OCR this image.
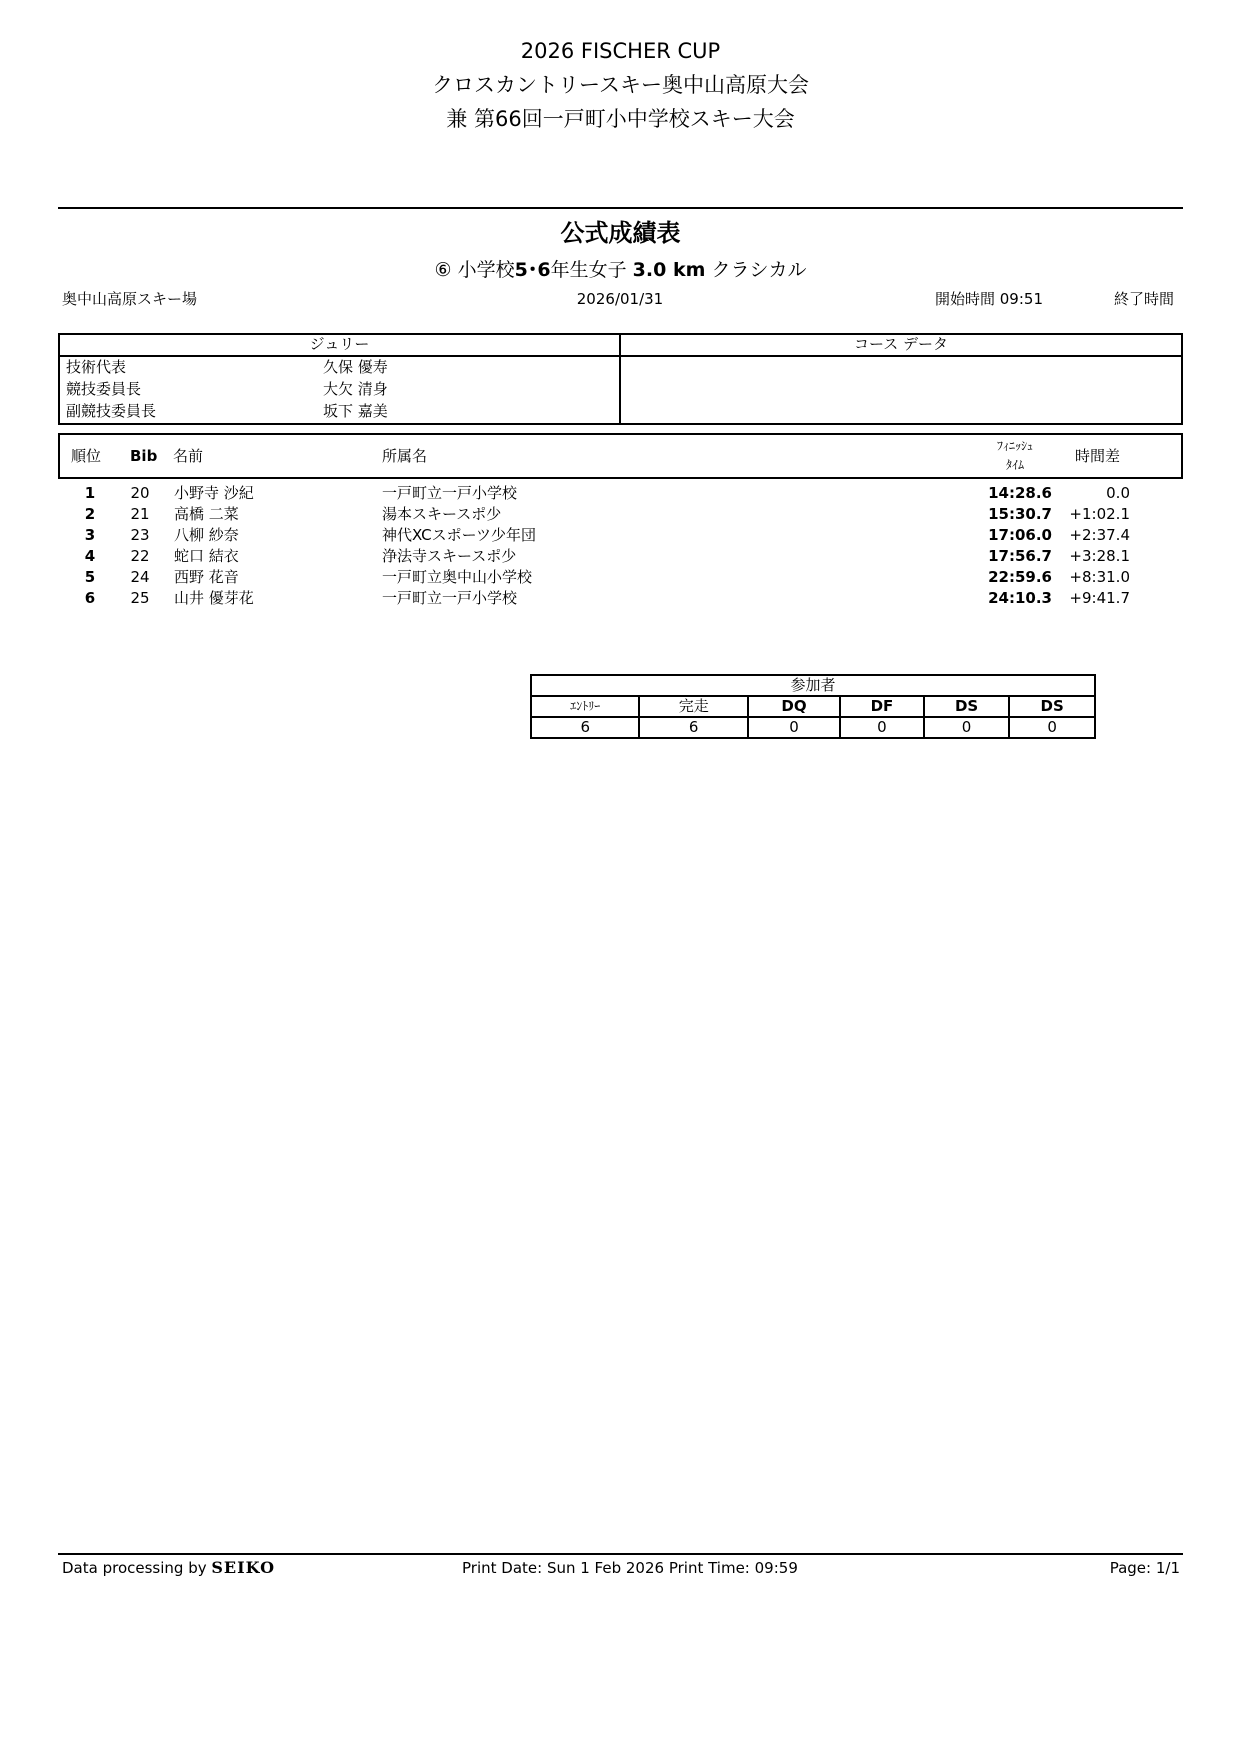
2026 FISCHER CUP
クロスカントリースキー奥中山高原大会
兼 第66回一戸町小中学校スキー大会
公式成績表
⑥ 小学校5･6年生女子 3.0 km クラシカル
奥中山高原スキー場	2026/01/31	開始時間 09:51	終了時間
ジュリー	コース データ
技術代表	久保 優寿
競技委員長	大欠 清身
副競技委員長	坂下 嘉美
順位 Bib 名前	所属名
ﾌｨﾆｯｼｭ
ﾀｲﾑ	時間差
1	20	小野寺 沙紀	一戸町立一戸小学校	14:28.6	0.0
2	21	高橋 二菜	湯本スキースポ少	15:30.7	+1:02.1
3	23	八柳 紗奈	神代XCスポーツ少年団	17:06.0	+2:37.4
4	22	蛇口 結衣	浄法寺スキースポ少	17:56.7	+3:28.1
5	24	西野 花音	一戸町立奥中山小学校	22:59.6	+8:31.0
6	25	山井 優芽花	一戸町立一戸小学校	24:10.3	+9:41.7
参加者					
ｴﾝﾄﾘｰ	完走	DQ	DF	DS	DS
6	6	0	0	0	0
Data processing by SEIKO	Print Date: Sun 1 Feb 2026 Print Time: 09:59	Page: 1/1
